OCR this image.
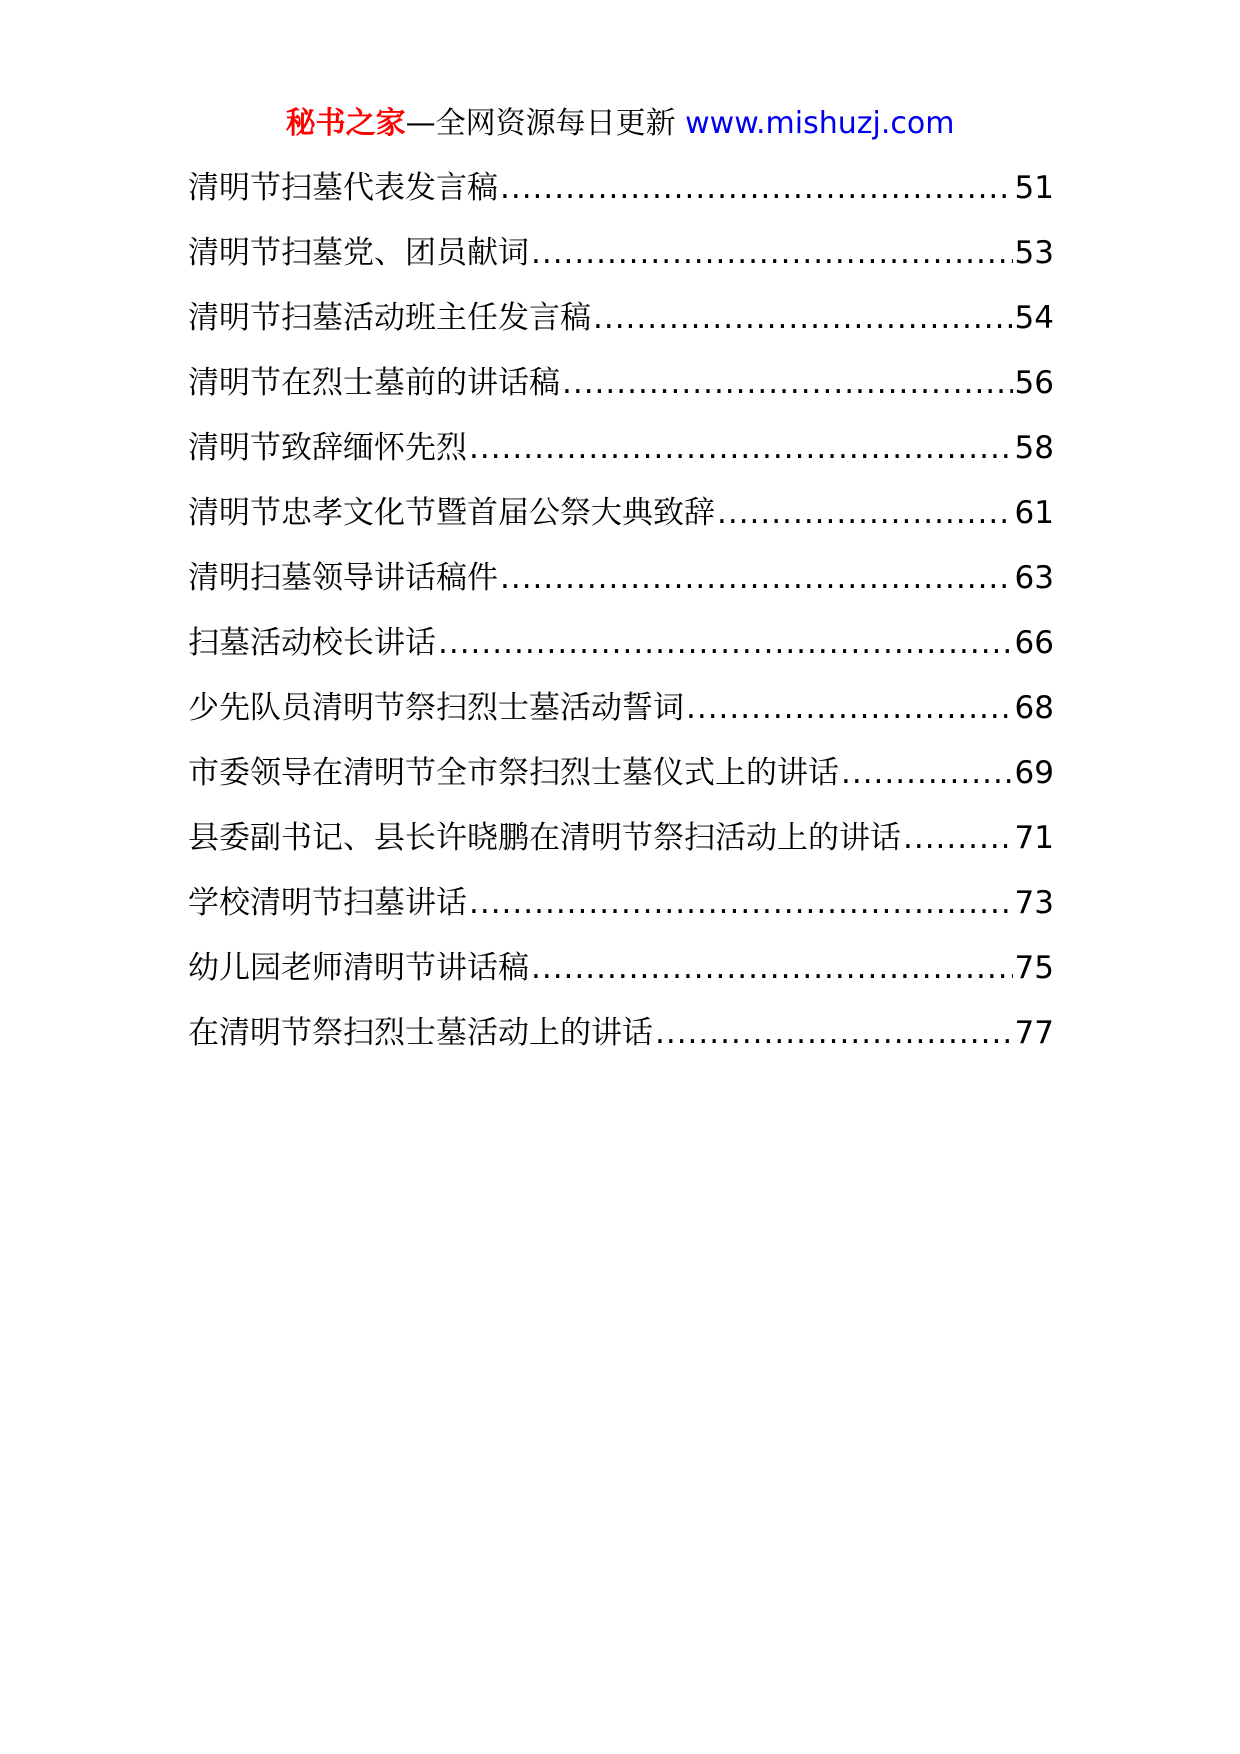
秘书之家—全网资源每日更新 www.mishuzj.com
清明节扫墓代表发言稿 .....	51
清明节扫墓党、团员献词 .....	53
清明节扫墓活动班主任发言稿 .....	54
清明节在烈士墓前的讲话稿 .....	56
清明节致辞缅怀先烈 .....	58
清明节忠孝文化节暨首届公祭大典致辞 .....	61
清明扫墓领导讲话稿件 .....	63
扫墓活动校长讲话 .....	66
少先队员清明节祭扫烈士墓活动誓词 .....	68
市委领导在清明节全市祭扫烈士墓仪式上的讲话 .....	69
县委副书记、县长许晓鹏在清明节祭扫活动上的讲话 .....	71
学校清明节扫墓讲话 .....	73
幼儿园老师清明节讲话稿 .....	75
在清明节祭扫烈士墓活动上的讲话 .....	77
